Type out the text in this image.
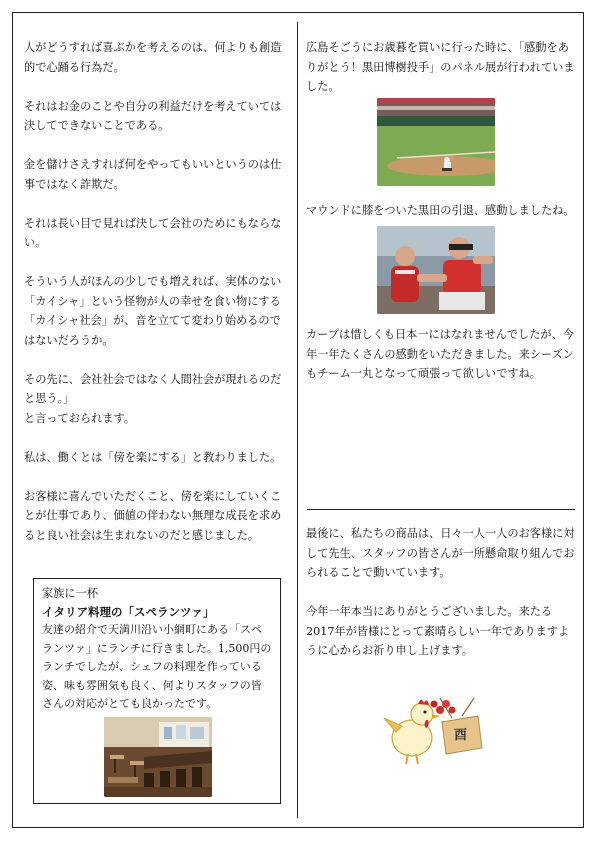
人がどうすれば喜ぶかを考えるのは、何よりも創造的で心踊る行為だ。

それはお金のことや自分の利益だけを考えていては決してできないことである。

金を儲けさえすれば何をやってもいいというのは仕事ではなく詐欺だ。

それは長い目で見れば決して会社のためにもならない。

そういう人がほんの少しでも増えれば、実体のない「カイシャ」という怪物が人の幸せを食い物にする「カイシャ社会」が、音を立てて変わり始めるのではないだろうか。

その先に、会社社会ではなく人間社会が現れるのだと思う。」

と言っておられます。

私は、働くとは「傍を楽にする」と教わりました。

お客様に喜んでいただくこと、傍を楽にしていくことが仕事であり、価値の伴わない無理な成長を求めると良い社会は生まれないのだと感じました。

家族に一杯
イタリア料理の「スペランツァ」

友達の紹介で天満川沿い小網町にある「スペランツァ」にランチに行きました。1,500円のランチでしたが、シェフの料理を作っている姿、味も雰囲気も良く、何よりスタッフの皆さんの対応がとても良かったです。

広島そごうにお歳暮を買いに行った時に、「感動をありがとう！黒田博樹投手」のパネル展が行われていました。

マウンドに膝をついた黒田の引退、感動しましたね。

カープは惜しくも日本一にはなれませんでしたが、今年一年たくさんの感動をいただきました。来シーズンもチーム一丸となって頑張って欲しいですね。

最後に、私たちの商品は、日々一人一人のお客様に対して先生、スタッフの皆さんが一所懸命取り組んでおられることで動いています。

今年一年本当にありがとうございました。来たる2017年が皆様にとって素晴らしい一年でありますように心からお祈り申し上げます。

酉
